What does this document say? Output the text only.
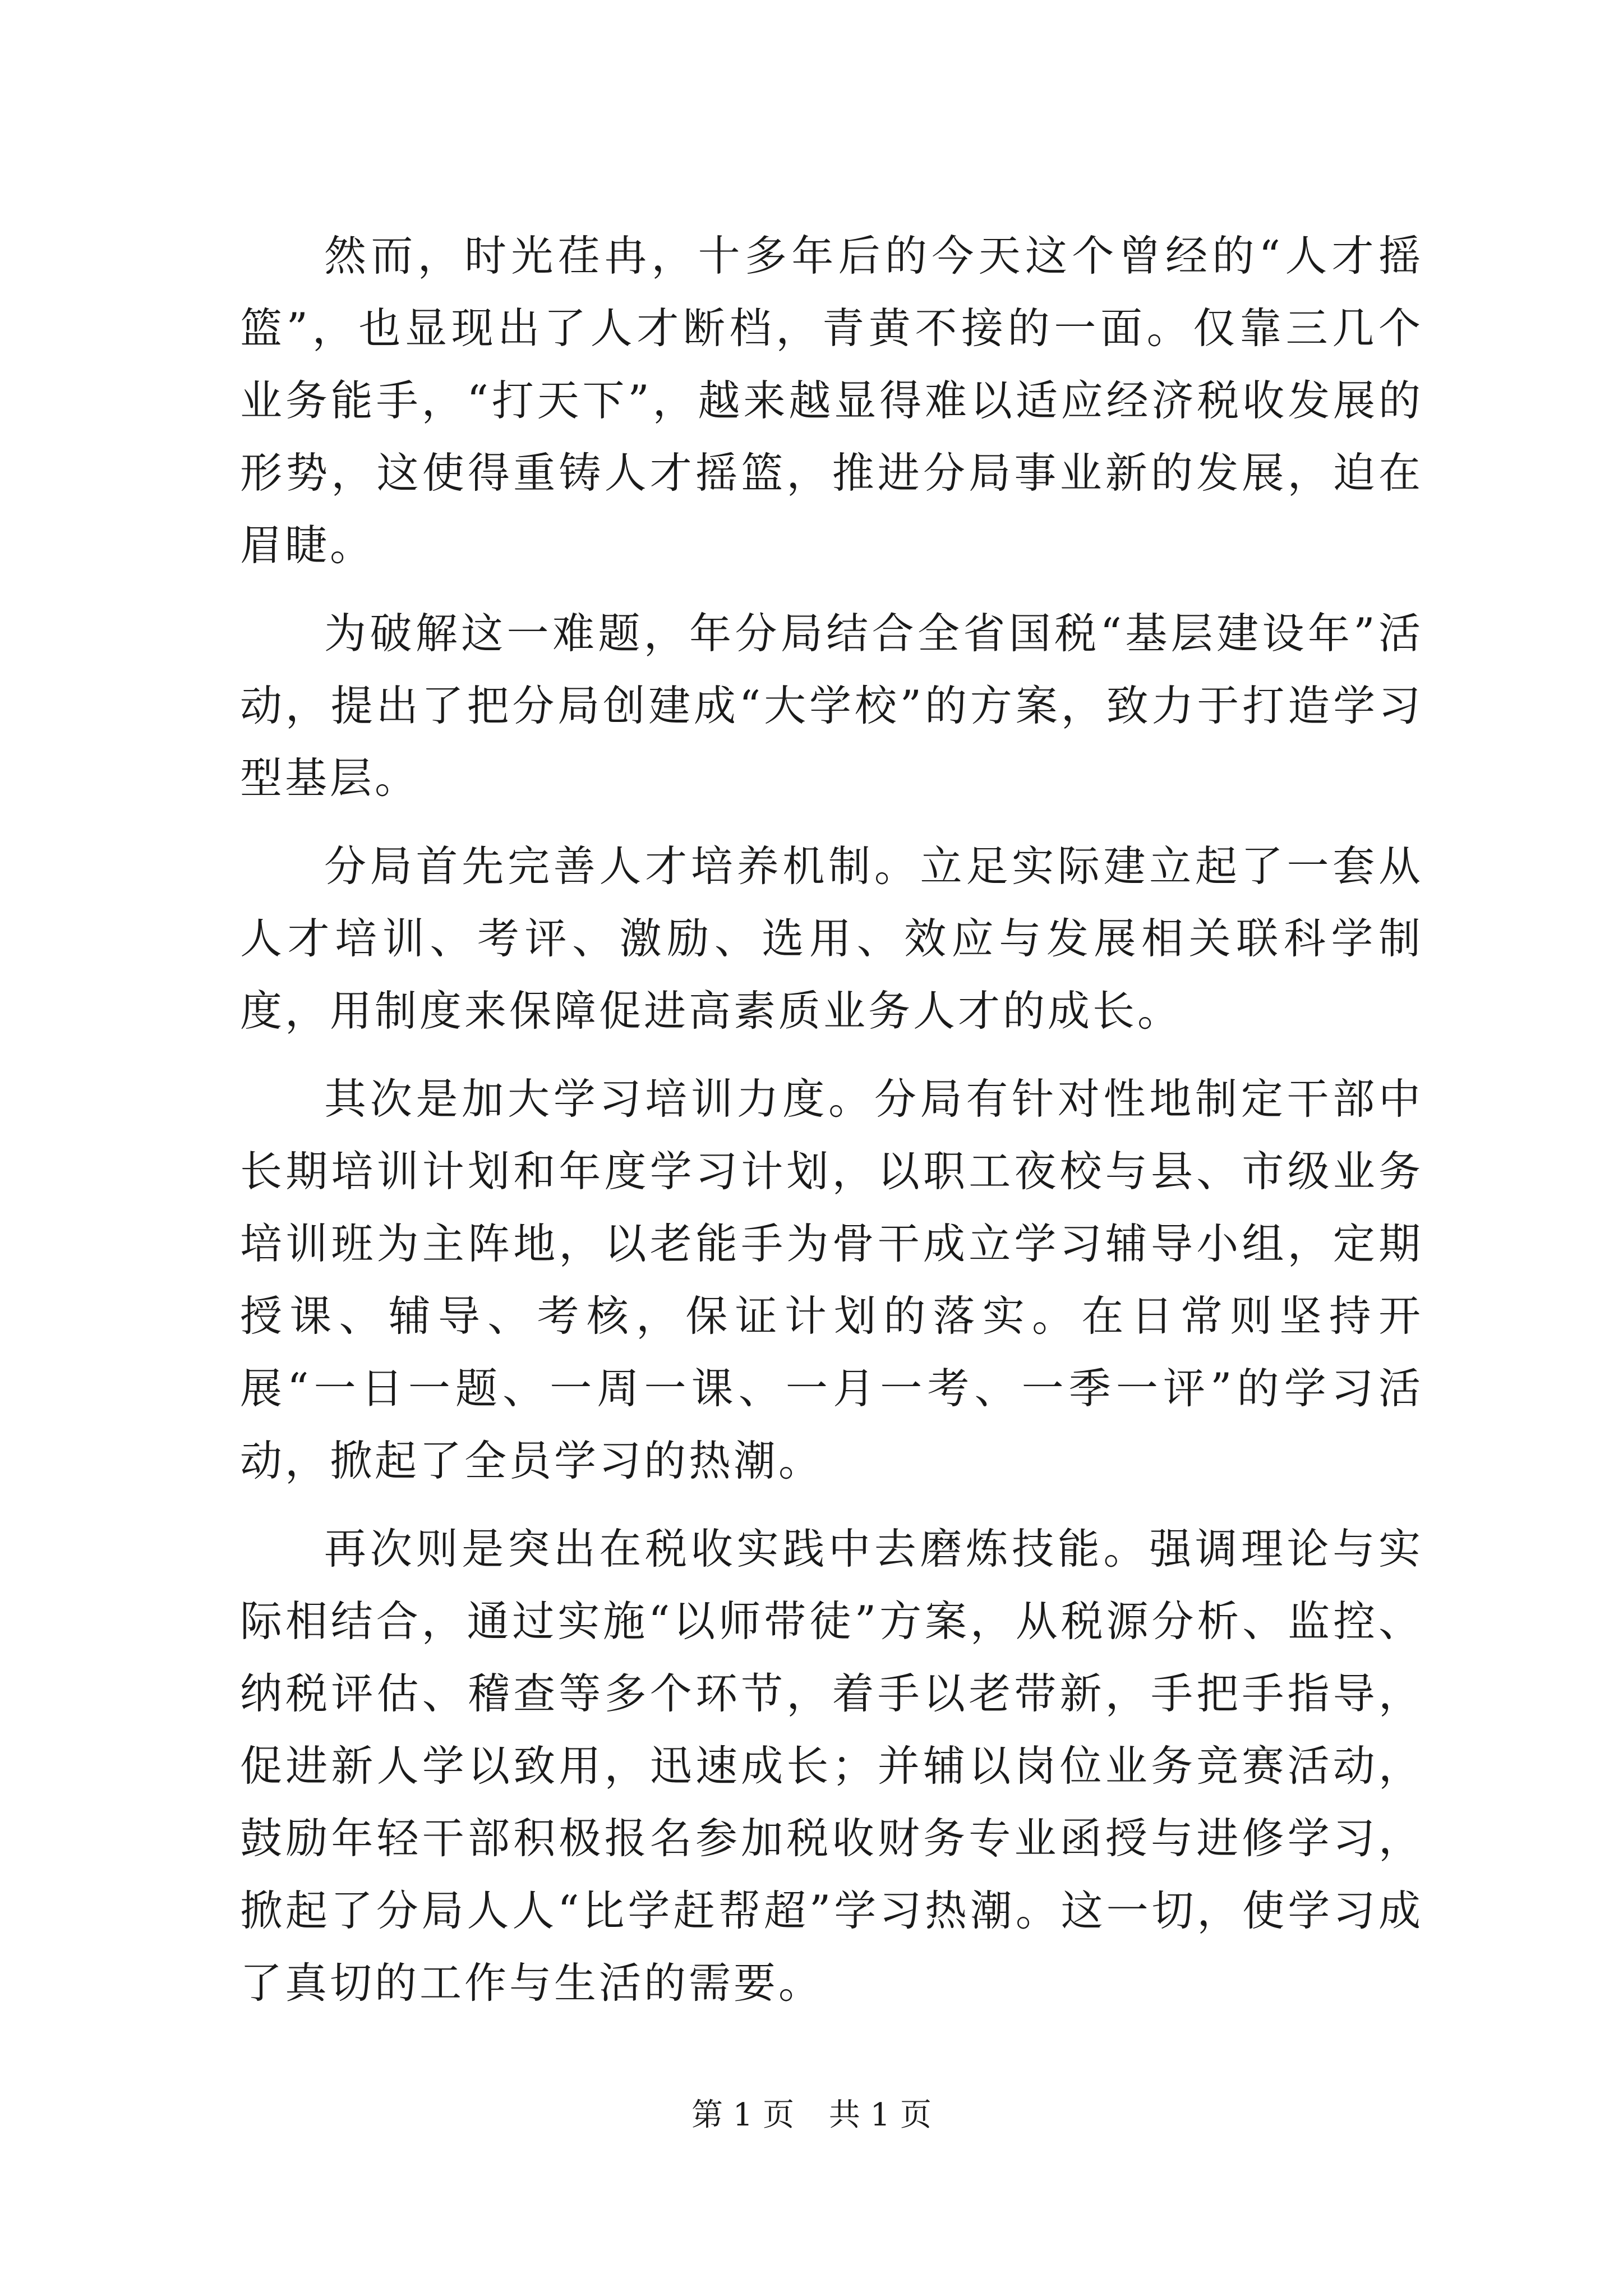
然而，时光荏冉，十多年后的今天这个曾经的“人才摇篮”，也显现出了人才断档，青黄不接的一面。仅靠三几个业务能手，“打天下”，越来越显得难以适应经济税收发展的形势，这使得重铸人才摇篮，推进分局事业新的发展，迫在眉睫。

为破解这一难题，年分局结合全省国税“基层建设年”活动，提出了把分局创建成“大学校”的方案，致力于打造学习型基层。

分局首先完善人才培养机制。立足实际建立起了一套从人才培训、考评、激励、选用、效应与发展相关联科学制度，用制度来保障促进高素质业务人才的成长。

其次是加大学习培训力度。分局有针对性地制定干部中长期培训计划和年度学习计划，以职工夜校与县、市级业务培训班为主阵地，以老能手为骨干成立学习辅导小组，定期授课、辅导、考核，保证计划的落实。在日常则坚持开展“一日一题、一周一课、一月一考、一季一评”的学习活动，掀起了全员学习的热潮。

再次则是突出在税收实践中去磨炼技能。强调理论与实际相结合，通过实施“以师带徒”方案，从税源分析、监控、纳税评估、稽查等多个环节，着手以老带新，手把手指导，促进新人学以致用，迅速成长；并辅以岗位业务竞赛活动，鼓励年轻干部积极报名参加税收财务专业函授与进修学习，掀起了分局人人“比学赶帮超”学习热潮。这一切，使学习成了真切的工作与生活的需要。

第 1 页 共 1 页
